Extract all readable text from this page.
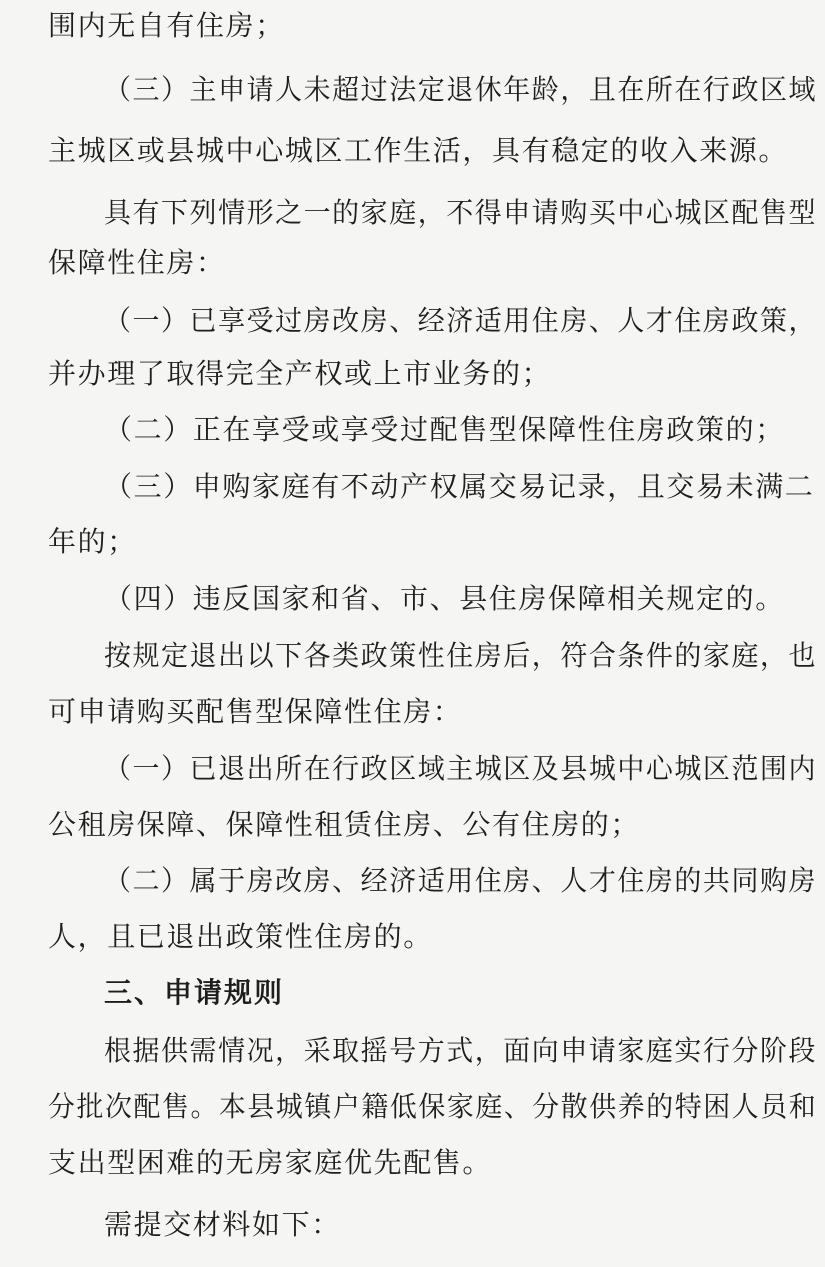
围内无自有住房；
（三）主申请人未超过法定退休年龄，且在所在行政区域
主城区或县城中心城区工作生活，具有稳定的收入来源。
具有下列情形之一的家庭，不得申请购买中心城区配售型
保障性住房：
（一）已享受过房改房、经济适用住房、人才住房政策，
并办理了取得完全产权或上市业务的；
（二）正在享受或享受过配售型保障性住房政策的；
（三）申购家庭有不动产权属交易记录，且交易未满二
年的；
（四）违反国家和省、市、县住房保障相关规定的。
按规定退出以下各类政策性住房后，符合条件的家庭，也
可申请购买配售型保障性住房：
（一）已退出所在行政区域主城区及县城中心城区范围内
公租房保障、保障性租赁住房、公有住房的；
（二）属于房改房、经济适用住房、人才住房的共同购房
人，且已退出政策性住房的。
三、申请规则
根据供需情况，采取摇号方式，面向申请家庭实行分阶段
分批次配售。本县城镇户籍低保家庭、分散供养的特困人员和
支出型困难的无房家庭优先配售。
需提交材料如下：
